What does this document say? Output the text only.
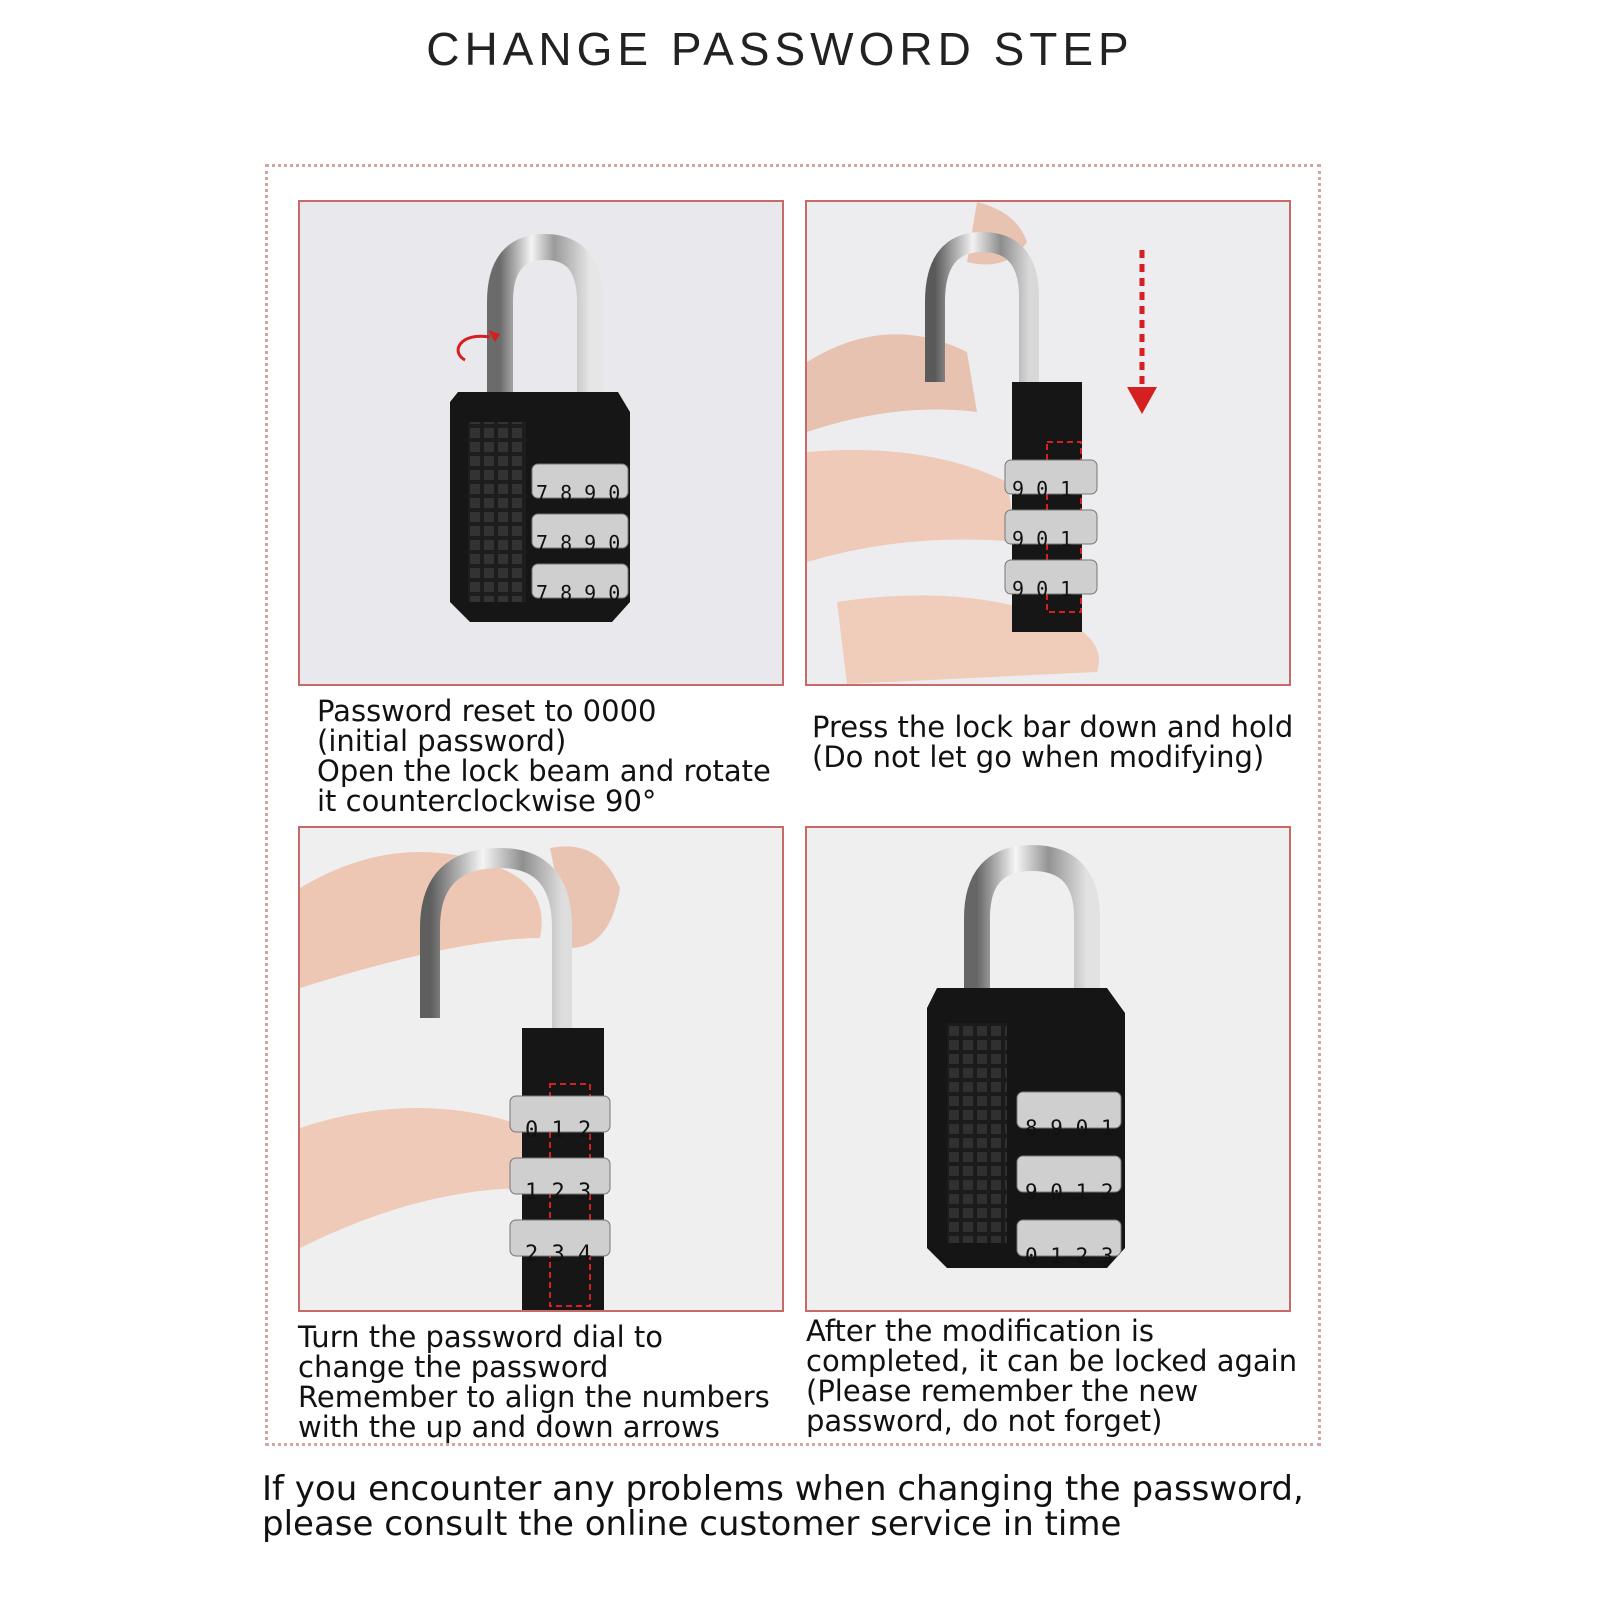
CHANGE PASSWORD STEP
7 8 9 0
7 8 9 0
7 8 9 0
9 0 1
9 0 1
9 0 1
Password reset to 0000
(initial password)
Open the lock beam and rotate
it counterclockwise 90°
Press the lock bar down and hold
(Do not let go when modifying)
0 1 2
1 2 3
2 3 4
8 9 0 1
9 0 1 2
0 1 2 3
Turn the password dial to
change the password
Remember to align the numbers
with the up and down arrows
After the modification is
completed, it can be locked again
(Please remember the new
password, do not forget)
If you encounter any problems when changing the password,
please consult the online customer service in time
